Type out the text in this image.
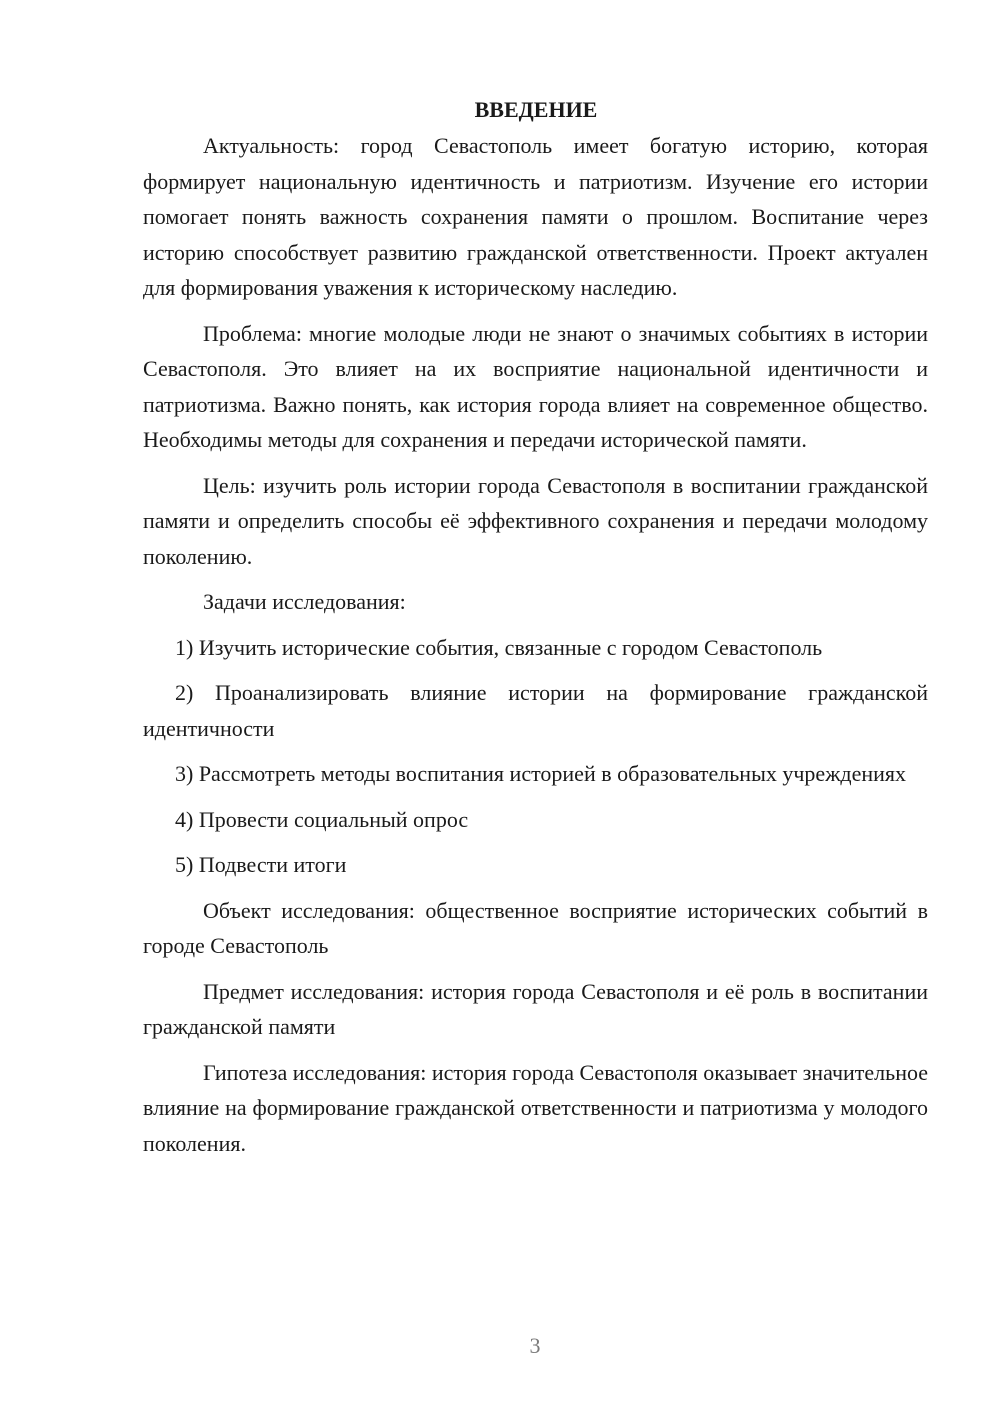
ВВЕДЕНИЕ

Актуальность: город Севастополь имеет богатую историю, которая формирует национальную идентичность и патриотизм. Изучение его истории помогает понять важность сохранения памяти о прошлом. Воспитание через историю способствует развитию гражданской ответственности. Проект актуален для формирования уважения к историческому наследию.

Проблема: многие молодые люди не знают о значимых событиях в истории Севастополя. Это влияет на их восприятие национальной идентичности и патриотизма. Важно понять, как история города влияет на современное общество. Необходимы методы для сохранения и передачи исторической памяти.

Цель: изучить роль истории города Севастополя в воспитании гражданской памяти и определить способы её эффективного сохранения и передачи молодому поколению.

Задачи исследования:

1) Изучить исторические события, связанные с городом Севастополь

2) Проанализировать влияние истории на формирование гражданской идентичности

3) Рассмотреть методы воспитания историей в образовательных учреждениях

4) Провести социальный опрос

5) Подвести итоги

Объект исследования: общественное восприятие исторических событий в городе Севастополь

Предмет исследования: история города Севастополя и её роль в воспитании гражданской памяти

Гипотеза исследования: история города Севастополя оказывает значительное влияние на формирование гражданской ответственности и патриотизма у молодого поколения.

3
